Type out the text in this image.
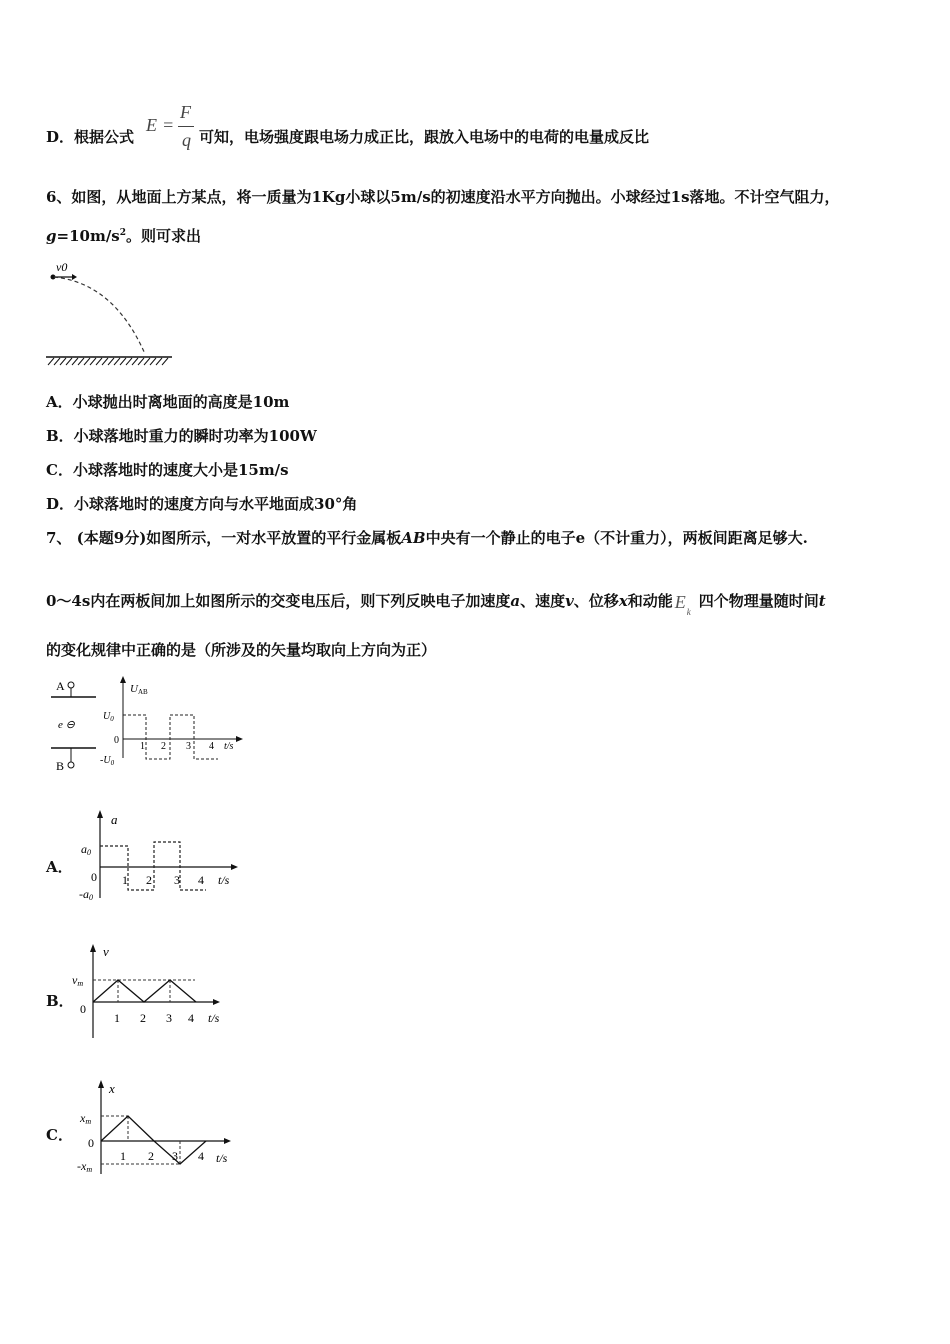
D．根据公式
E =
F
q 可知，电场强度跟电场力成正比，跟放入电场中的电荷的电量成反比
6、如图，从地面上方某点，将一质量为1Kg小球以5m/s的初速度沿水平方向抛出。小球经过1s落地。不计空气阻力，
$g=10m/s^2$。则可求出
v0
A．小球抛出时离地面的高度是10m
B．小球落地时重力的瞬时功率为100W
C．小球落地时的速度大小是15m/s
D．小球落地时的速度方向与水平地面成30°角
7、 (本题9分)如图所示，一对水平放置的平行金属板AB中央有一个静止的电子e（不计重力），两板间距离足够大.
0～4s内在两板间加上如图所示的交变电压后，则下列反映电子加速度a、速度v、位移x和动能 E k
四个物理量随时间t
的变化规律中正确的是（所涉及的矢量均取向上方向为正）
A
e ⊖
B
UAB
$U_0$
0
$-U_0$
1 2 3 4 t/s
A．
a
a0
0
-a0
1 2 3 4 t/s
B．
v
vm
0
1 2 3 4 t/s
C．
x
xm
0
-xm
1 2 3 4 t/s
